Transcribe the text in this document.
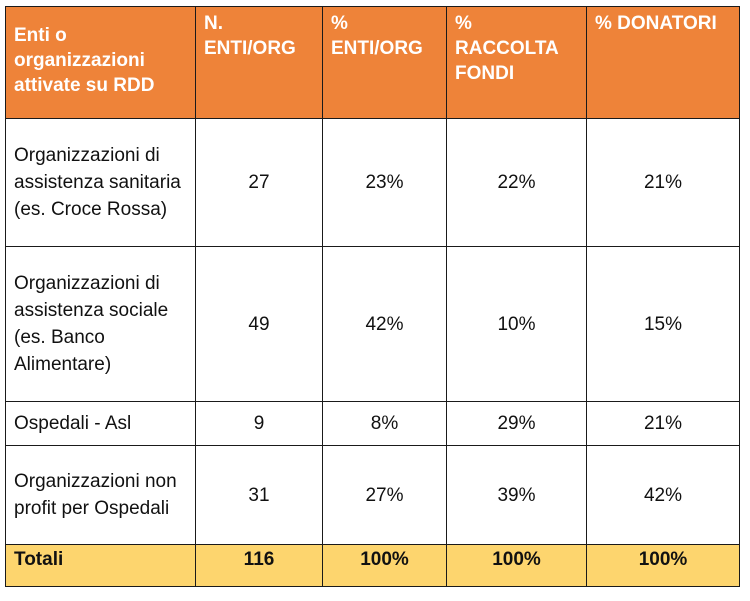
Enti o organizzazioni attivate su RDD	N. ENTI/ORG	% ENTI/ORG	% RACCOLTA FONDI	% DONATORI
Organizzazioni di assistenza sanitaria (es. Croce Rossa)	27	23%	22%	21%
Organizzazioni di assistenza sociale (es. Banco Alimentare)	49	42%	10%	15%
Ospedali - Asl	9	8%	29%	21%
Organizzazioni non profit per Ospedali	31	27%	39%	42%
Totali	116	100%	100%	100%
